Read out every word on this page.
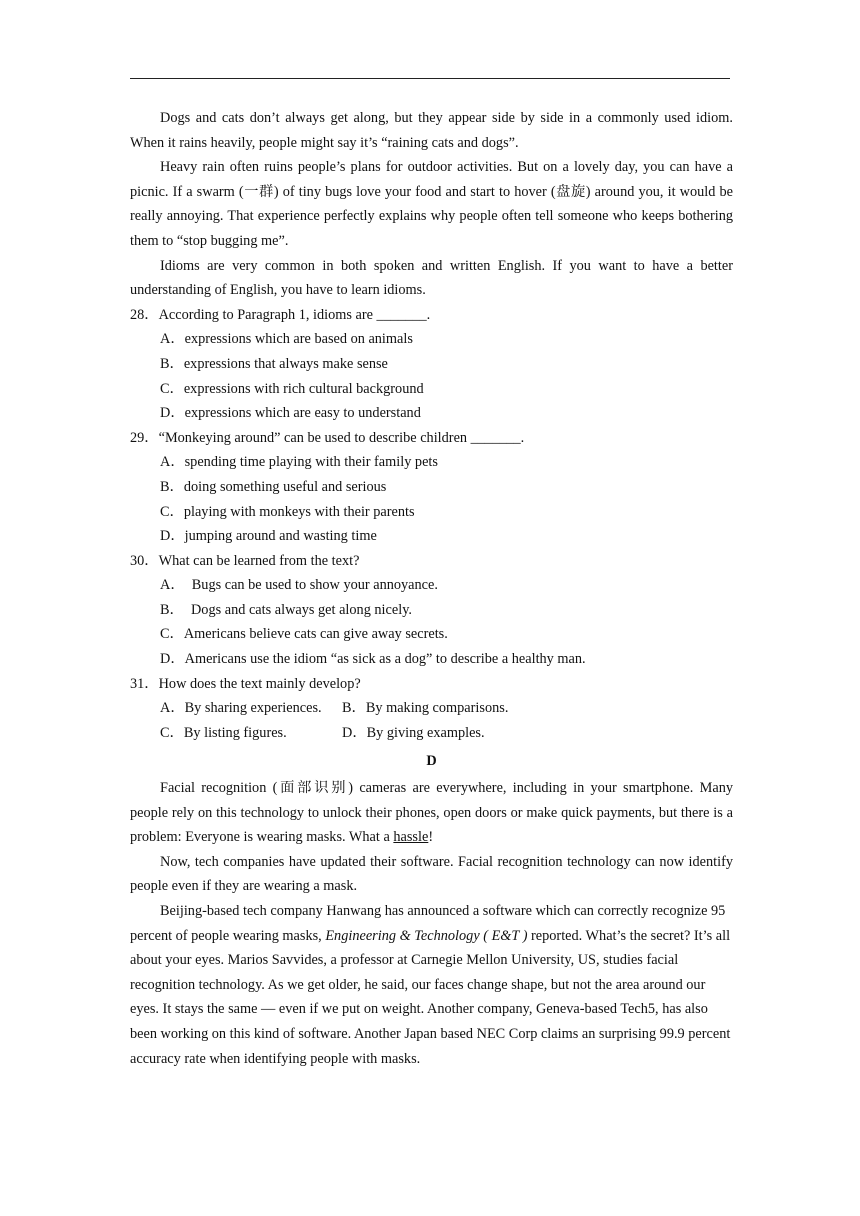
Dogs and cats don’t always get along, but they appear side by side in a commonly used idiom. When it rains heavily, people might say it’s “raining cats and dogs”.

Heavy rain often ruins people’s plans for outdoor activities. But on a lovely day, you can have a picnic. If a swarm (一群) of tiny bugs love your food and start to hover (盘旋) around you, it would be really annoying. That experience perfectly explains why people often tell someone who keeps bothering them to “stop bugging me”.

Idioms are very common in both spoken and written English. If you want to have a better understanding of English, you have to learn idioms.

28．According to Paragraph 1, idioms are _______.

A．expressions which are based on animals

B．expressions that always make sense

C．expressions with rich cultural background

D．expressions which are easy to understand

29．“Monkeying around” can be used to describe children _______.

A．spending time playing with their family pets

B．doing something useful and serious

C．playing with monkeys with their parents

D．jumping around and wasting time

30．What can be learned from the text?

A．  Bugs can be used to show your annoyance.

B．  Dogs and cats always get along nicely.

C．Americans believe cats can give away secrets.

D．Americans use the idiom “as sick as a dog” to describe a healthy man.

31．How does the text mainly develop?

A．By sharing experiences. B．By making comparisons.

C．By listing figures.	D．By giving examples.

D

Facial recognition (面部识别) cameras are everywhere, including in your smartphone. Many people rely on this technology to unlock their phones, open doors or make quick payments, but there is a problem: Everyone is wearing masks. What a hassle!

Now, tech companies have updated their software. Facial recognition technology can now identify people even if they are wearing a mask.

Beijing-based tech company Hanwang has announced a software which can correctly recognize 95 percent of people wearing masks, Engineering & Technology ( E&T ) reported. What’s the secret? It’s all about your eyes. Marios Savvides, a professor at Carnegie Mellon University, US, studies facial recognition technology. As we get older, he said, our faces change shape, but not the area around our eyes. It stays the same — even if we put on weight. Another company, Geneva-based Tech5, has also been working on this kind of software. Another Japan based NEC Corp claims an surprising 99.9 percent accuracy rate when identifying people with masks.
